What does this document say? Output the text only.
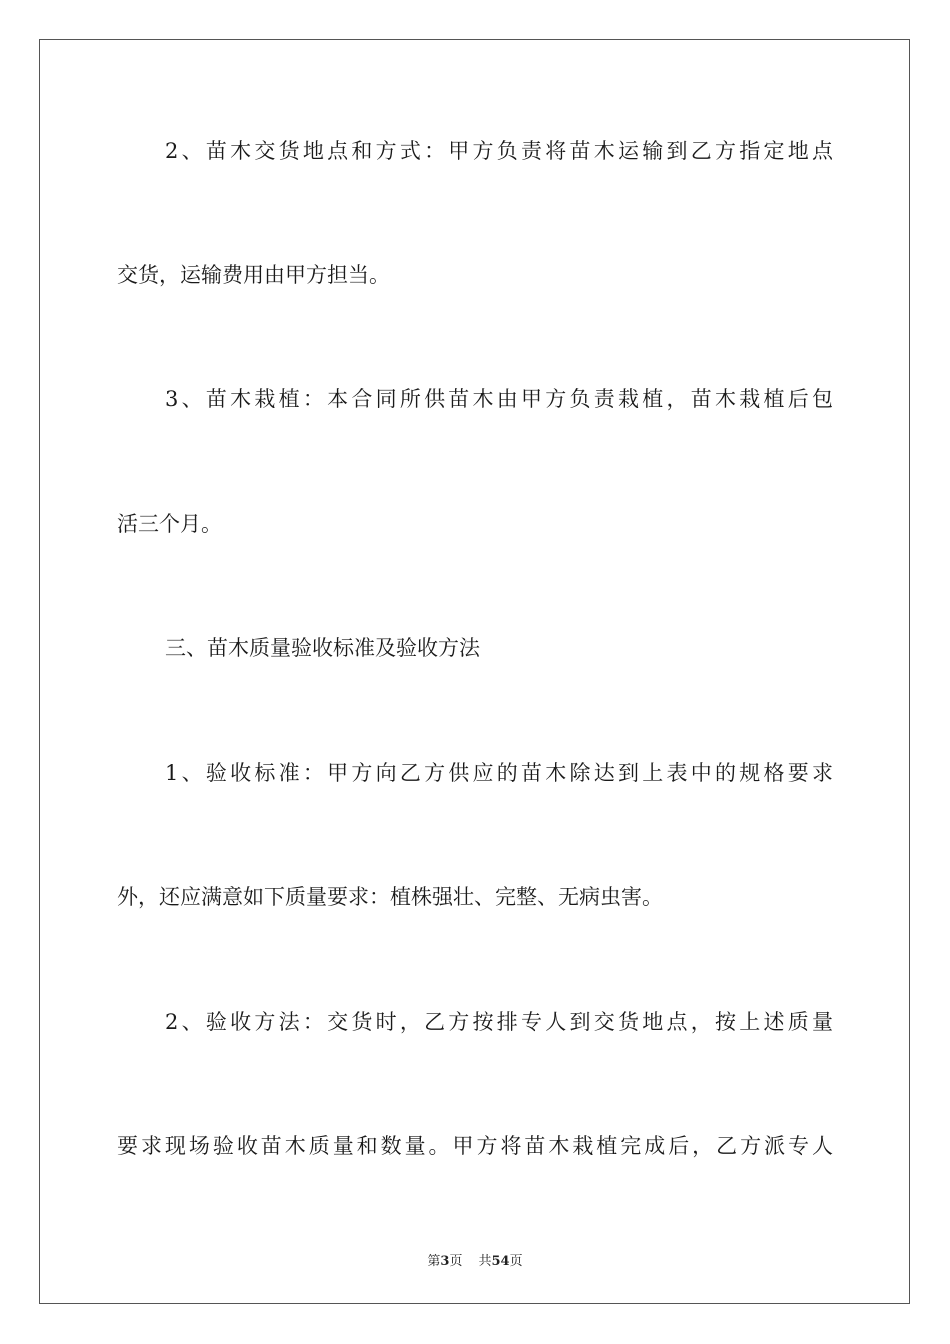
2、苗木交货地点和方式：甲方负责将苗木运输到乙方指定地点
交货，运输费用由甲方担当。
3、苗木栽植：本合同所供苗木由甲方负责栽植，苗木栽植后包
活三个月。
三、苗木质量验收标准及验收方法
1、验收标准：甲方向乙方供应的苗木除达到上表中的规格要求
外，还应满意如下质量要求：植株强壮、完整、无病虫害。
2、验收方法：交货时，乙方按排专人到交货地点，按上述质量
要求现场验收苗木质量和数量。甲方将苗木栽植完成后，乙方派专人
第3页 共54页
